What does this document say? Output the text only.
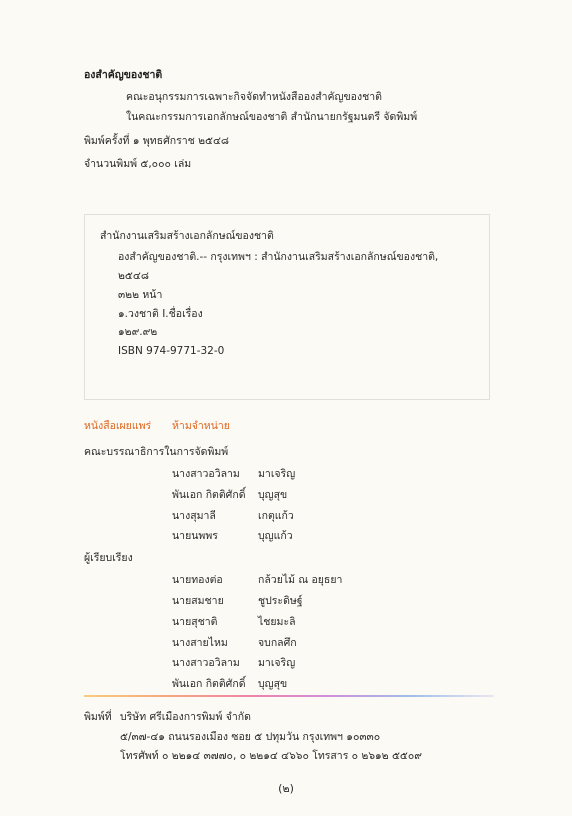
องสำคัญของชาติ
คณะอนุกรรมการเฉพาะกิจจัดทำหนังสือองสำคัญของชาติ
ในคณะกรรมการเอกลักษณ์ของชาติ สำนักนายกรัฐมนตรี จัดพิมพ์
พิมพ์ครั้งที่ ๑ พุทธศักราช ๒๕๔๘
จำนวนพิมพ์ ๕,๐๐๐ เล่ม
สำนักงานเสริมสร้างเอกลักษณ์ของชาติ
องสำคัญของชาติ.-- กรุงเทพฯ : สำนักงานเสริมสร้างเอกลักษณ์ของชาติ,
๒๕๔๘
๓๒๒ หน้า
๑.วงชาติ I.ชื่อเรื่อง
๑๒๙.๙๒
ISBN 974-9771-32-0
หนังสือเผยแพร่ ห้ามจำหน่าย
คณะบรรณาธิการในการจัดพิมพ์
นางสาวอวิลาม มาเจริญ
พันเอก กิตติศักดิ์ บุญสุข
นางสุมาลี	เกตุแก้ว
นายนพพร	บุญแก้ว
ผู้เรียบเรียง
นายทองต่อ	กล้วยไม้ ณ อยุธยา
นายสมชาย	ชูประดิษฐ์
นายสุชาติ	ไชยมะลิ
นางสายไหม	จบกลศึก
นางสาวอวิลาม มาเจริญ
พันเอก กิตติศักดิ์ บุญสุข
พิมพ์ที่ บริษัท ศรีเมืองการพิมพ์ จำกัด
๕/๓๗-๔๑ ถนนรองเมือง ซอย ๕ ปทุมวัน กรุงเทพฯ ๑๐๓๓๐
โทรศัพท์ ๐ ๒๒๑๔ ๓๗๗๐, ๐ ๒๒๑๔ ๔๖๖๐ โทรสาร ๐ ๒๖๑๒ ๕๕๐๙
(๒)
